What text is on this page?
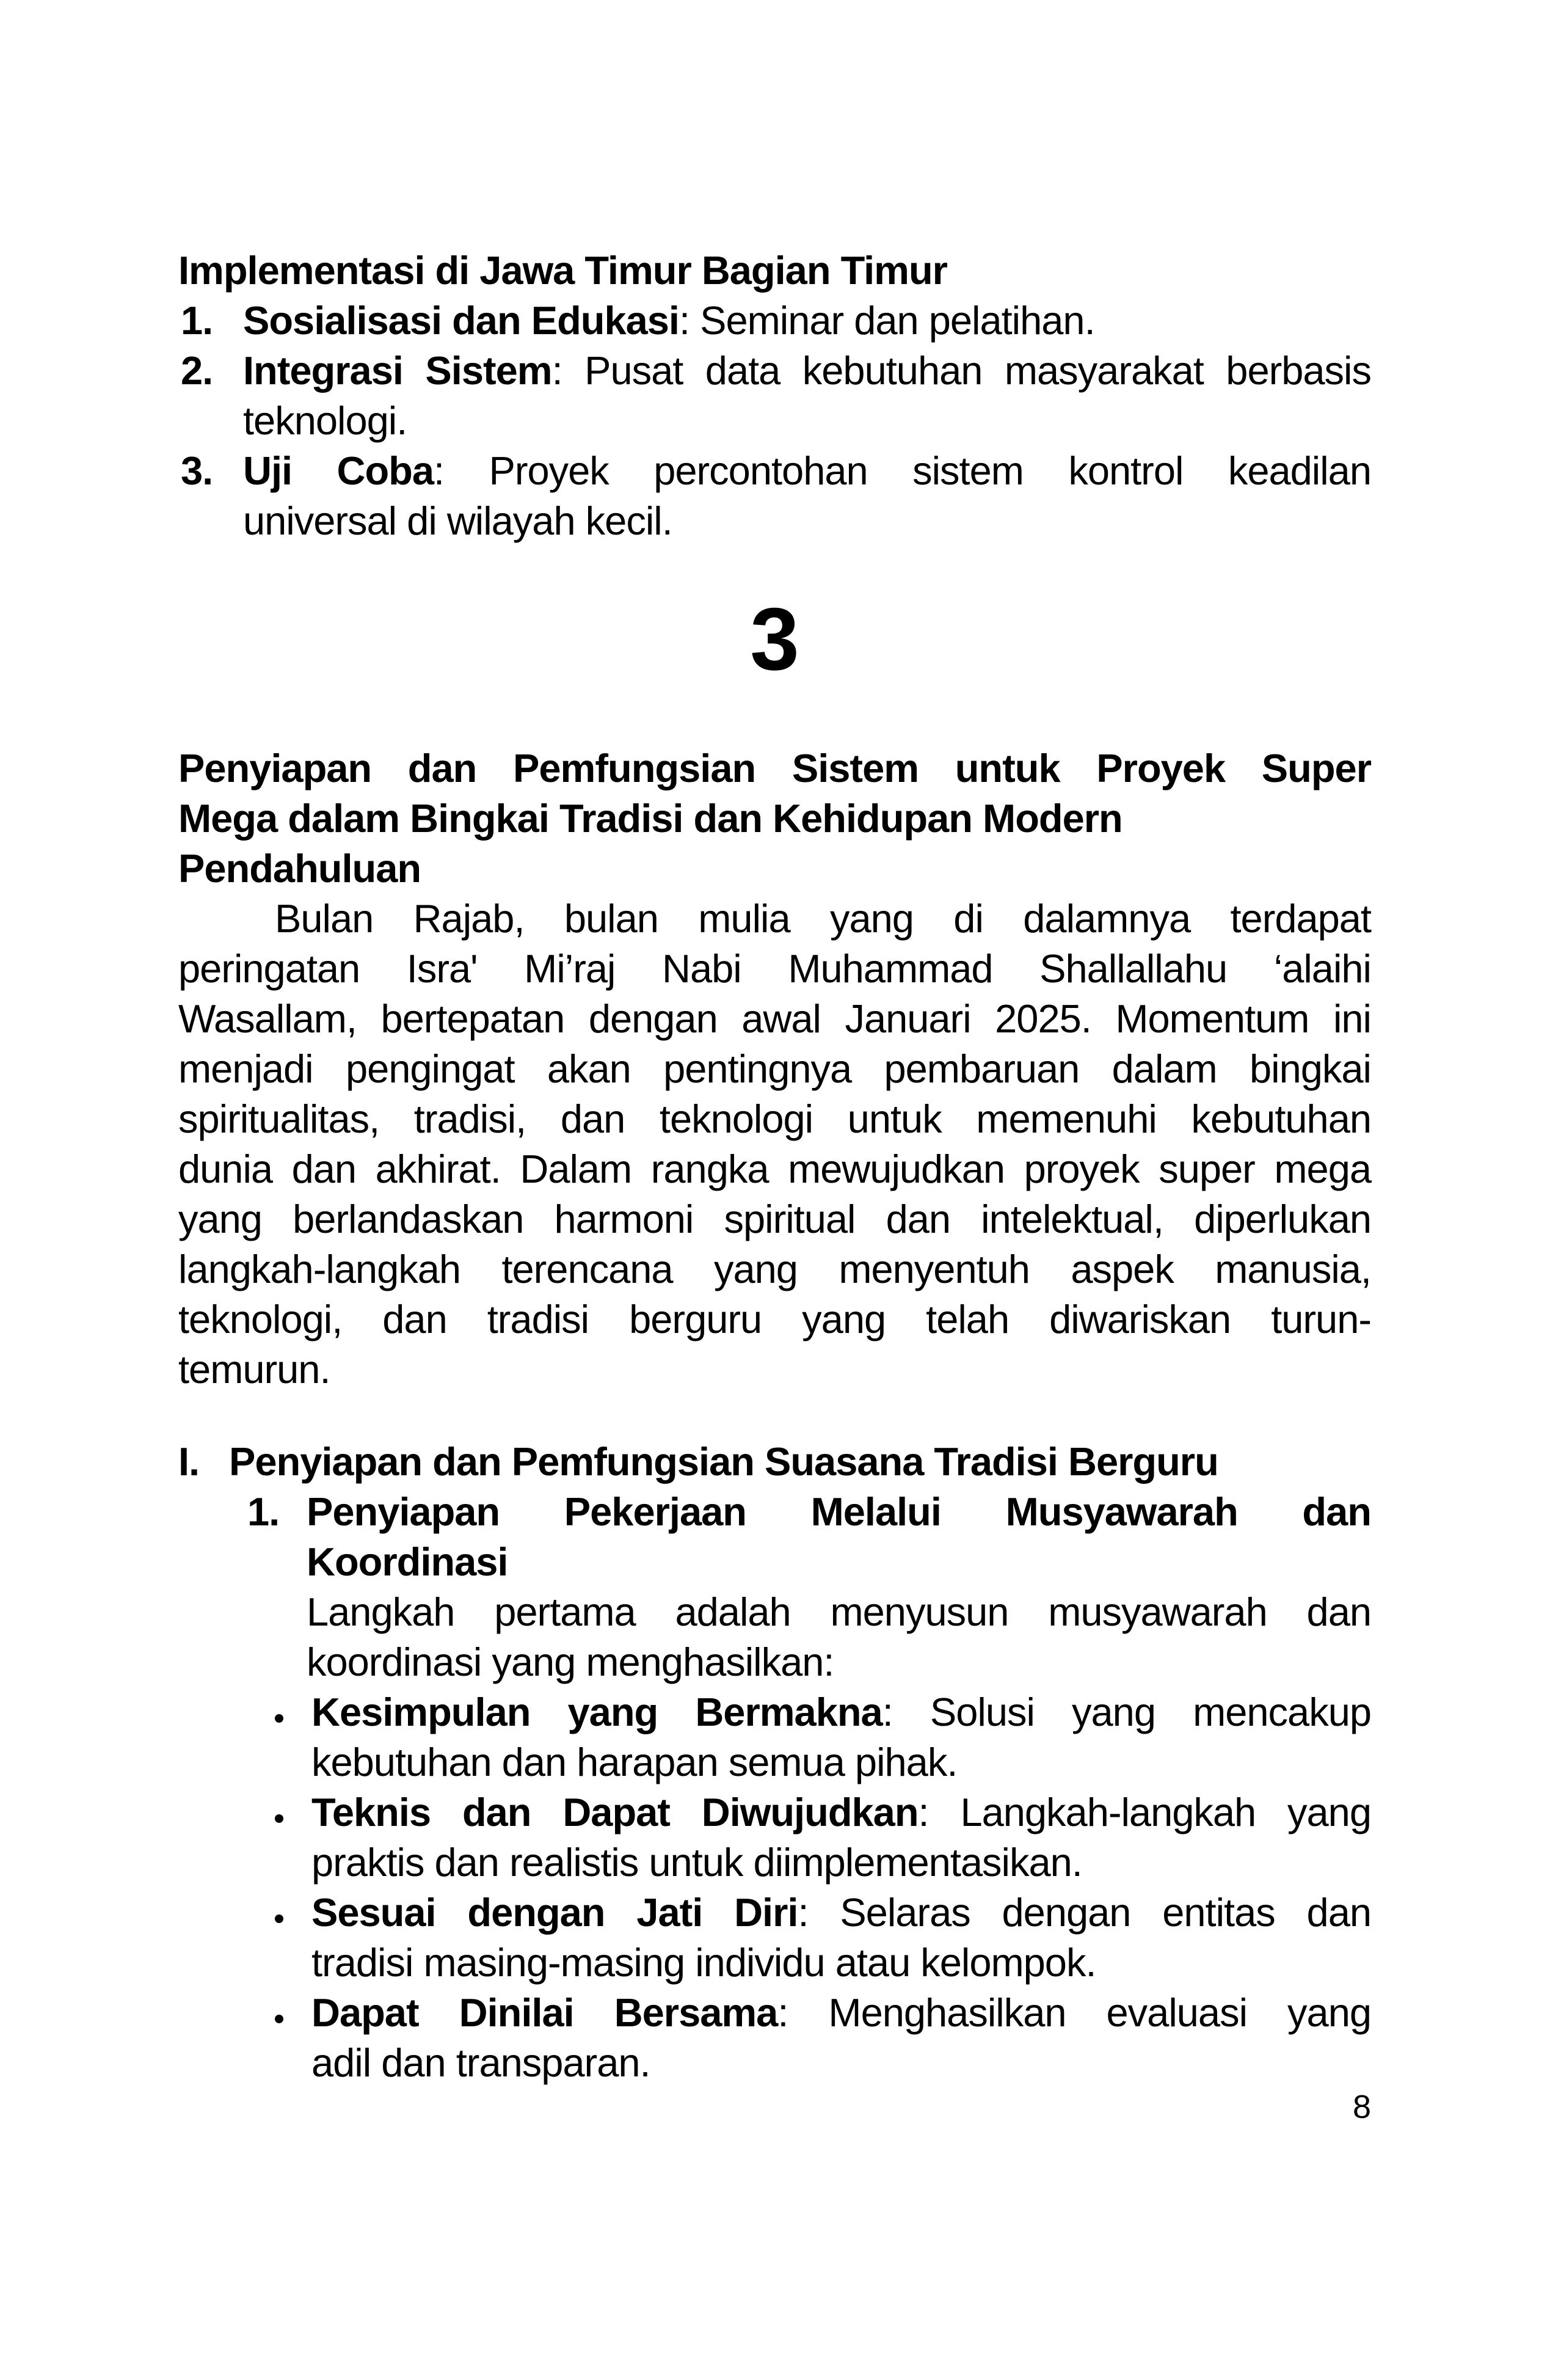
Implementasi di Jawa Timur Bagian Timur
1. Sosialisasi dan Edukasi: Seminar dan pelatihan.
2. Integrasi Sistem: Pusat data kebutuhan masyarakat berbasis
teknologi.
3. Uji Coba: Proyek percontohan sistem kontrol keadilan
universal di wilayah kecil.
3
Penyiapan dan Pemfungsian Sistem untuk Proyek Super
Mega dalam Bingkai Tradisi dan Kehidupan Modern
Pendahuluan
Bulan Rajab, bulan mulia yang di dalamnya terdapat
peringatan Isra' Mi’raj Nabi Muhammad Shallallahu ‘alaihi
Wasallam, bertepatan dengan awal Januari 2025. Momentum ini
menjadi pengingat akan pentingnya pembaruan dalam bingkai
spiritualitas, tradisi, dan teknologi untuk memenuhi kebutuhan
dunia dan akhirat. Dalam rangka mewujudkan proyek super mega
yang berlandaskan harmoni spiritual dan intelektual, diperlukan
langkah-langkah terencana yang menyentuh aspek manusia,
teknologi, dan tradisi berguru yang telah diwariskan turun-
temurun.
I. Penyiapan dan Pemfungsian Suasana Tradisi Berguru
1. Penyiapan Pekerjaan Melalui Musyawarah dan
Koordinasi
Langkah pertama adalah menyusun musyawarah dan
koordinasi yang menghasilkan:
Kesimpulan yang Bermakna: Solusi yang mencakup
kebutuhan dan harapan semua pihak.
Teknis dan Dapat Diwujudkan: Langkah-langkah yang
praktis dan realistis untuk diimplementasikan.
Sesuai dengan Jati Diri: Selaras dengan entitas dan
tradisi masing-masing individu atau kelompok.
Dapat Dinilai Bersama: Menghasilkan evaluasi yang
adil dan transparan.
8
